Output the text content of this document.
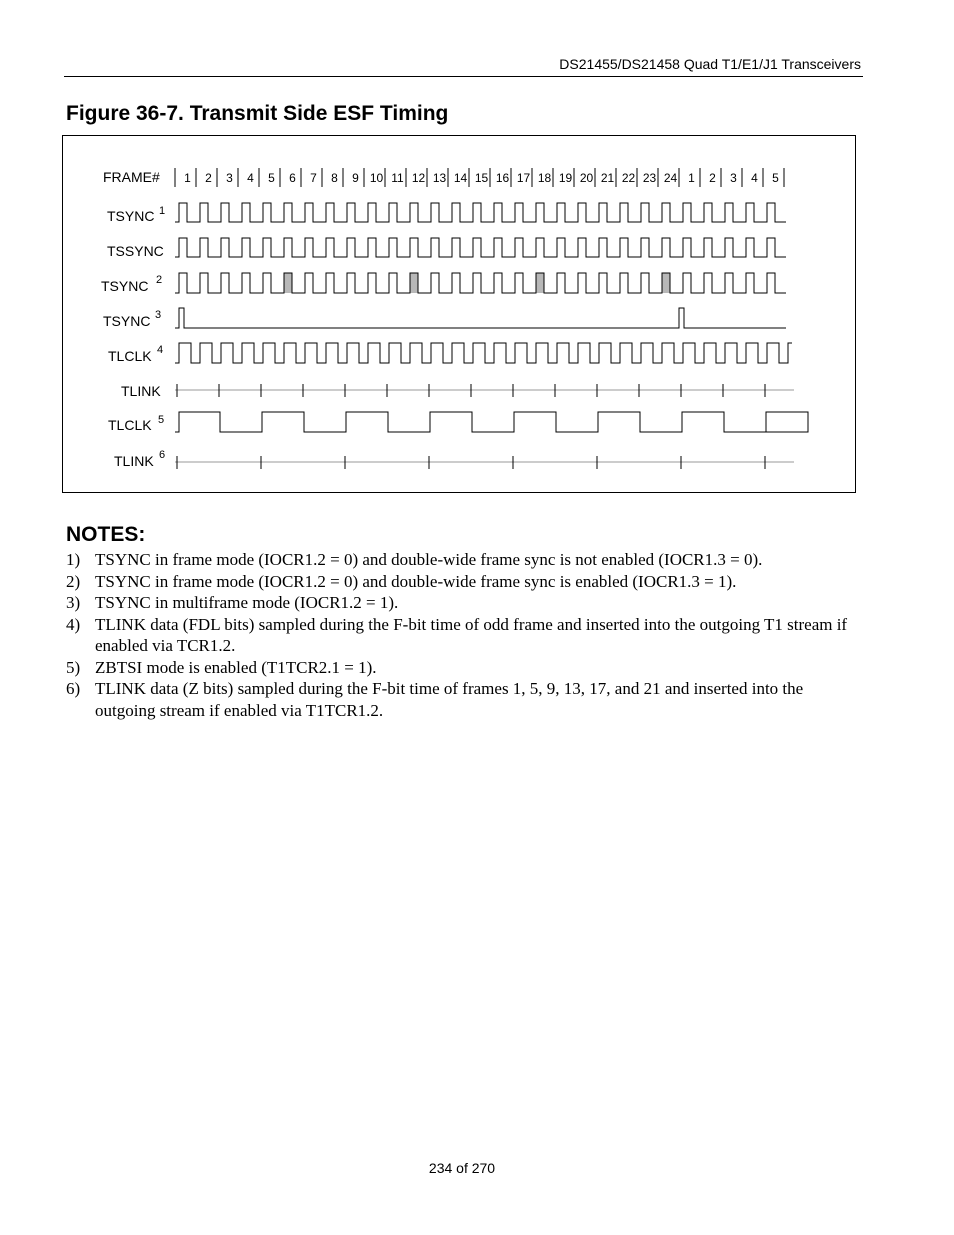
DS21455/DS21458 Quad T1/E1/J1 Transceivers
Figure 36-7. Transmit Side ESF Timing
FRAME# 1 2 3 4 5 6 7 8 9 10 11 12 13 14 15 16 17 18 19 20 21 22 23 24 1 2 3 4 5
TSYNC 1
TSSYNC
TSYNC 2
TSYNC 3
TLCLK 4
TLINK
TLCLK 5
TLINK 6
NOTES:
1) TSYNC in frame mode (IOCR1.2 = 0) and double-wide frame sync is not enabled (IOCR1.3 = 0).
2) TSYNC in frame mode (IOCR1.2 = 0) and double-wide frame sync is enabled (IOCR1.3 = 1).
3) TSYNC in multiframe mode (IOCR1.2 = 1).
4) TLINK data (FDL bits) sampled during the F-bit time of odd frame and inserted into the outgoing T1 stream if enabled via TCR1.2.
5) ZBTSI mode is enabled (T1TCR2.1 = 1).
6) TLINK data (Z bits) sampled during the F-bit time of frames 1, 5, 9, 13, 17, and 21 and inserted into the outgoing stream if enabled via T1TCR1.2.
234 of 270
